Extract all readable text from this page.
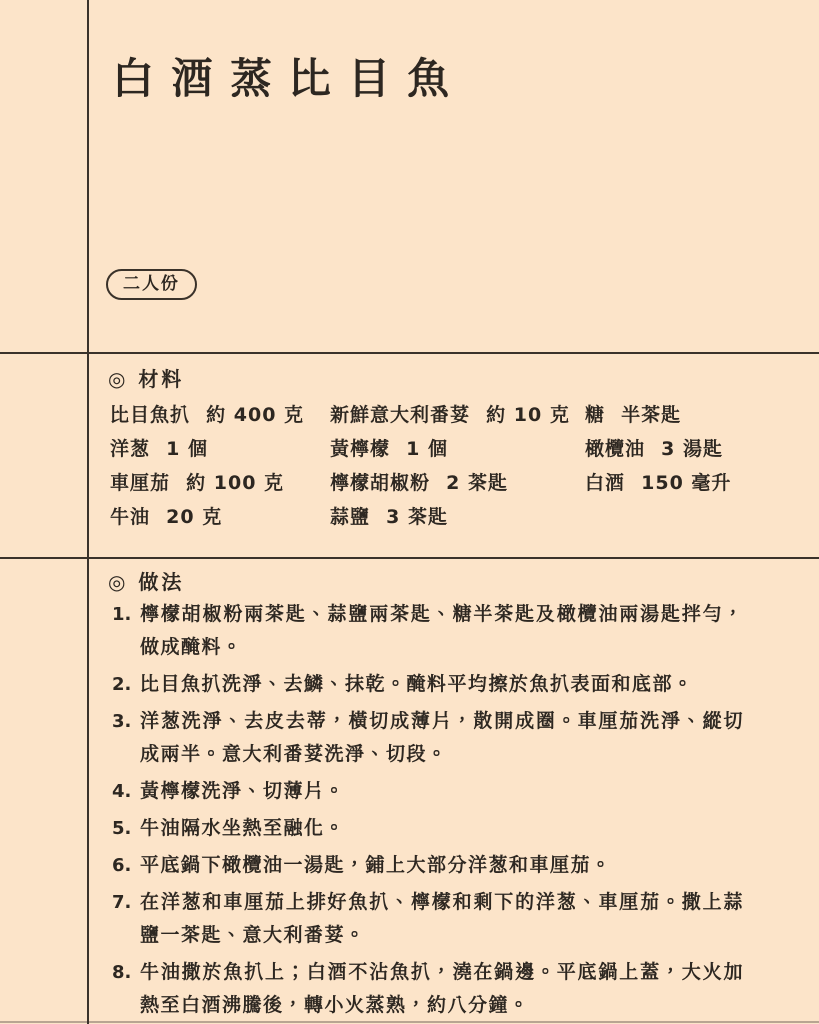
白酒蒸比目魚
二人份
◎ 材料
比目魚扒 約 400 克
洋葱 1 個
車厘茄 約 100 克
牛油 20 克
新鮮意大利番荽 約 10 克
黃檸檬 1 個
檸檬胡椒粉 2 茶匙
蒜鹽 3 茶匙
糖 半茶匙
橄欖油 3 湯匙
白酒 150 毫升
◎ 做法
1. 檸檬胡椒粉兩茶匙、蒜鹽兩茶匙、糖半茶匙及橄欖油兩湯匙拌勻，做成醃料。
2. 比目魚扒洗淨、去鱗、抹乾。醃料平均擦於魚扒表面和底部。
3. 洋葱洗淨、去皮去蒂，橫切成薄片，散開成圈。車厘茄洗淨、縱切成兩半。意大利番荽洗淨、切段。
4. 黃檸檬洗淨、切薄片。
5. 牛油隔水坐熱至融化。
6. 平底鍋下橄欖油一湯匙，鋪上大部分洋葱和車厘茄。
7. 在洋葱和車厘茄上排好魚扒、檸檬和剩下的洋葱、車厘茄。撒上蒜鹽一茶匙、意大利番荽。
8. 牛油撒於魚扒上；白酒不沾魚扒，澆在鍋邊。平底鍋上蓋，大火加熱至白酒沸騰後，轉小火蒸熟，約八分鐘。
